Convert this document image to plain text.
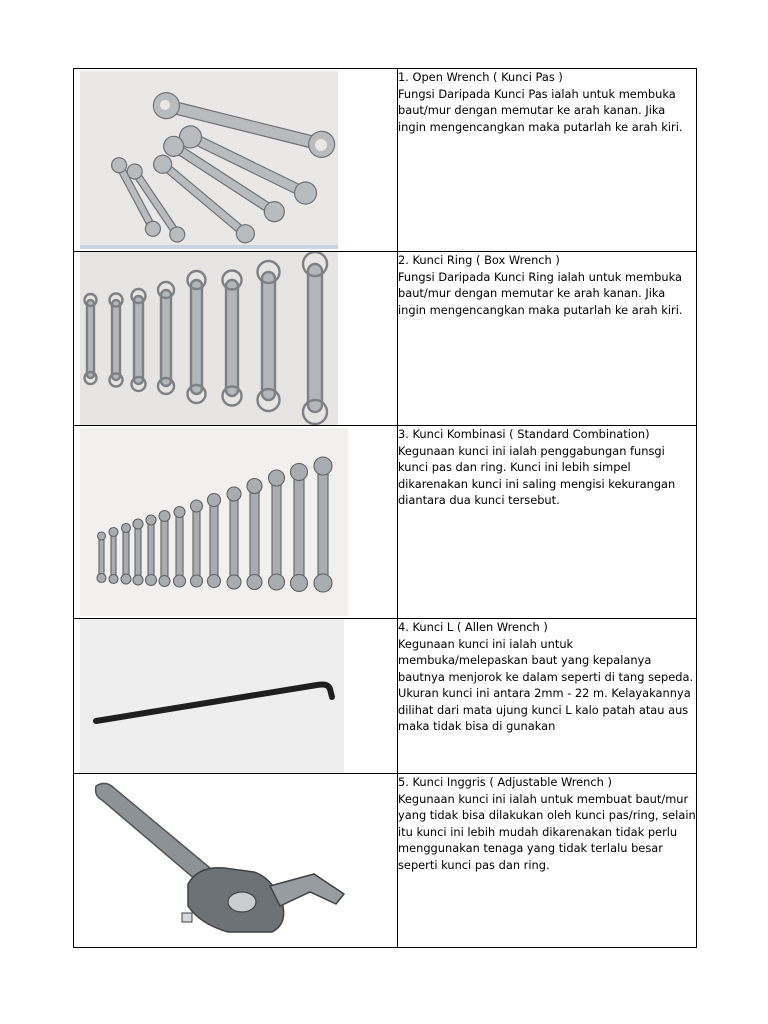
1. Open Wrench ( Kunci Pas )

Fungsi Daripada Kunci Pas ialah untuk membuka baut/mur dengan memutar ke arah kanan. Jika ingin mengencangkan maka putarlah ke arah kiri.

2. Kunci Ring ( Box Wrench )

Fungsi Daripada Kunci Ring ialah untuk membuka baut/mur dengan memutar ke arah kanan. Jika ingin mengencangkan maka putarlah ke arah kiri.

3. Kunci Kombinasi ( Standard Combination)

Kegunaan kunci ini ialah penggabungan funsgi kunci pas dan ring. Kunci ini lebih simpel dikarenakan kunci ini saling mengisi kekurangan diantara dua kunci tersebut.

4. Kunci L ( Allen Wrench )

Kegunaan kunci ini ialah untuk membuka/melepaskan baut yang kepalanya bautnya menjorok ke dalam seperti di tang sepeda. Ukuran kunci ini antara 2mm - 22 m. Kelayakannya dilihat dari mata ujung kunci L kalo patah atau aus maka tidak bisa di gunakan

5. Kunci Inggris ( Adjustable Wrench )

Kegunaan kunci ini ialah untuk membuat baut/mur yang tidak bisa dilakukan oleh kunci pas/ring, selain itu kunci ini lebih mudah dikarenakan tidak perlu menggunakan tenaga yang tidak terlalu besar seperti kunci pas dan ring.
